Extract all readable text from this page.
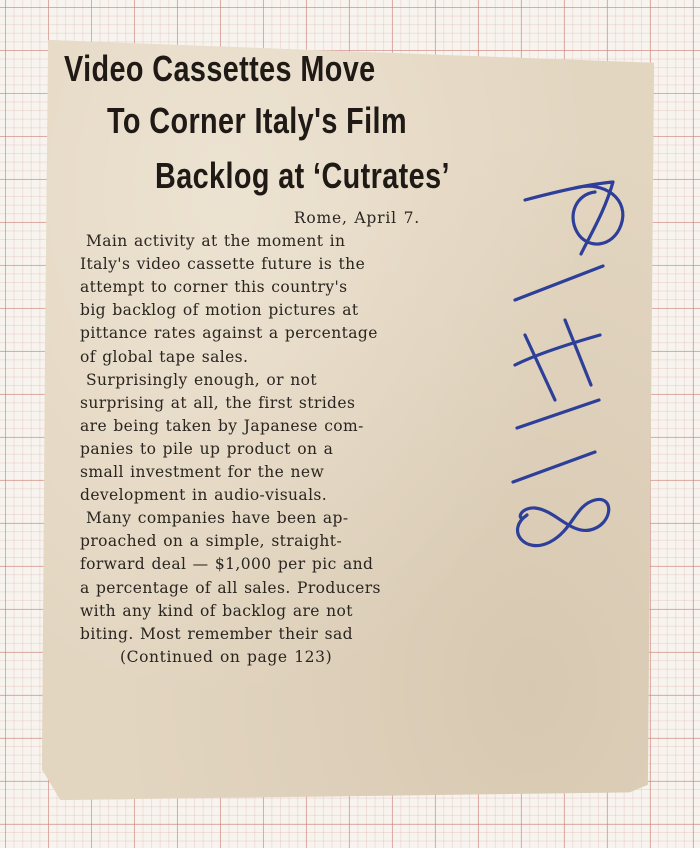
Video Cassettes Move
To Corner Italy's Film
Backlog at ‘Cutrates’

Rome, April 7.

Main activity at the moment in
Italy's video cassette future is the
attempt to corner this country's
big backlog of motion pictures at
pittance rates against a percentage
of global tape sales.
Surprisingly enough, or not
surprising at all, the first strides
are being taken by Japanese com-
panies to pile up product on a
small investment for the new
development in audio-visuals.
Many companies have been ap-
proached on a simple, straight-
forward deal — $1,000 per pic and
a percentage of all sales. Producers
with any kind of backlog are not
biting. Most remember their sad

(Continued on page 123)
